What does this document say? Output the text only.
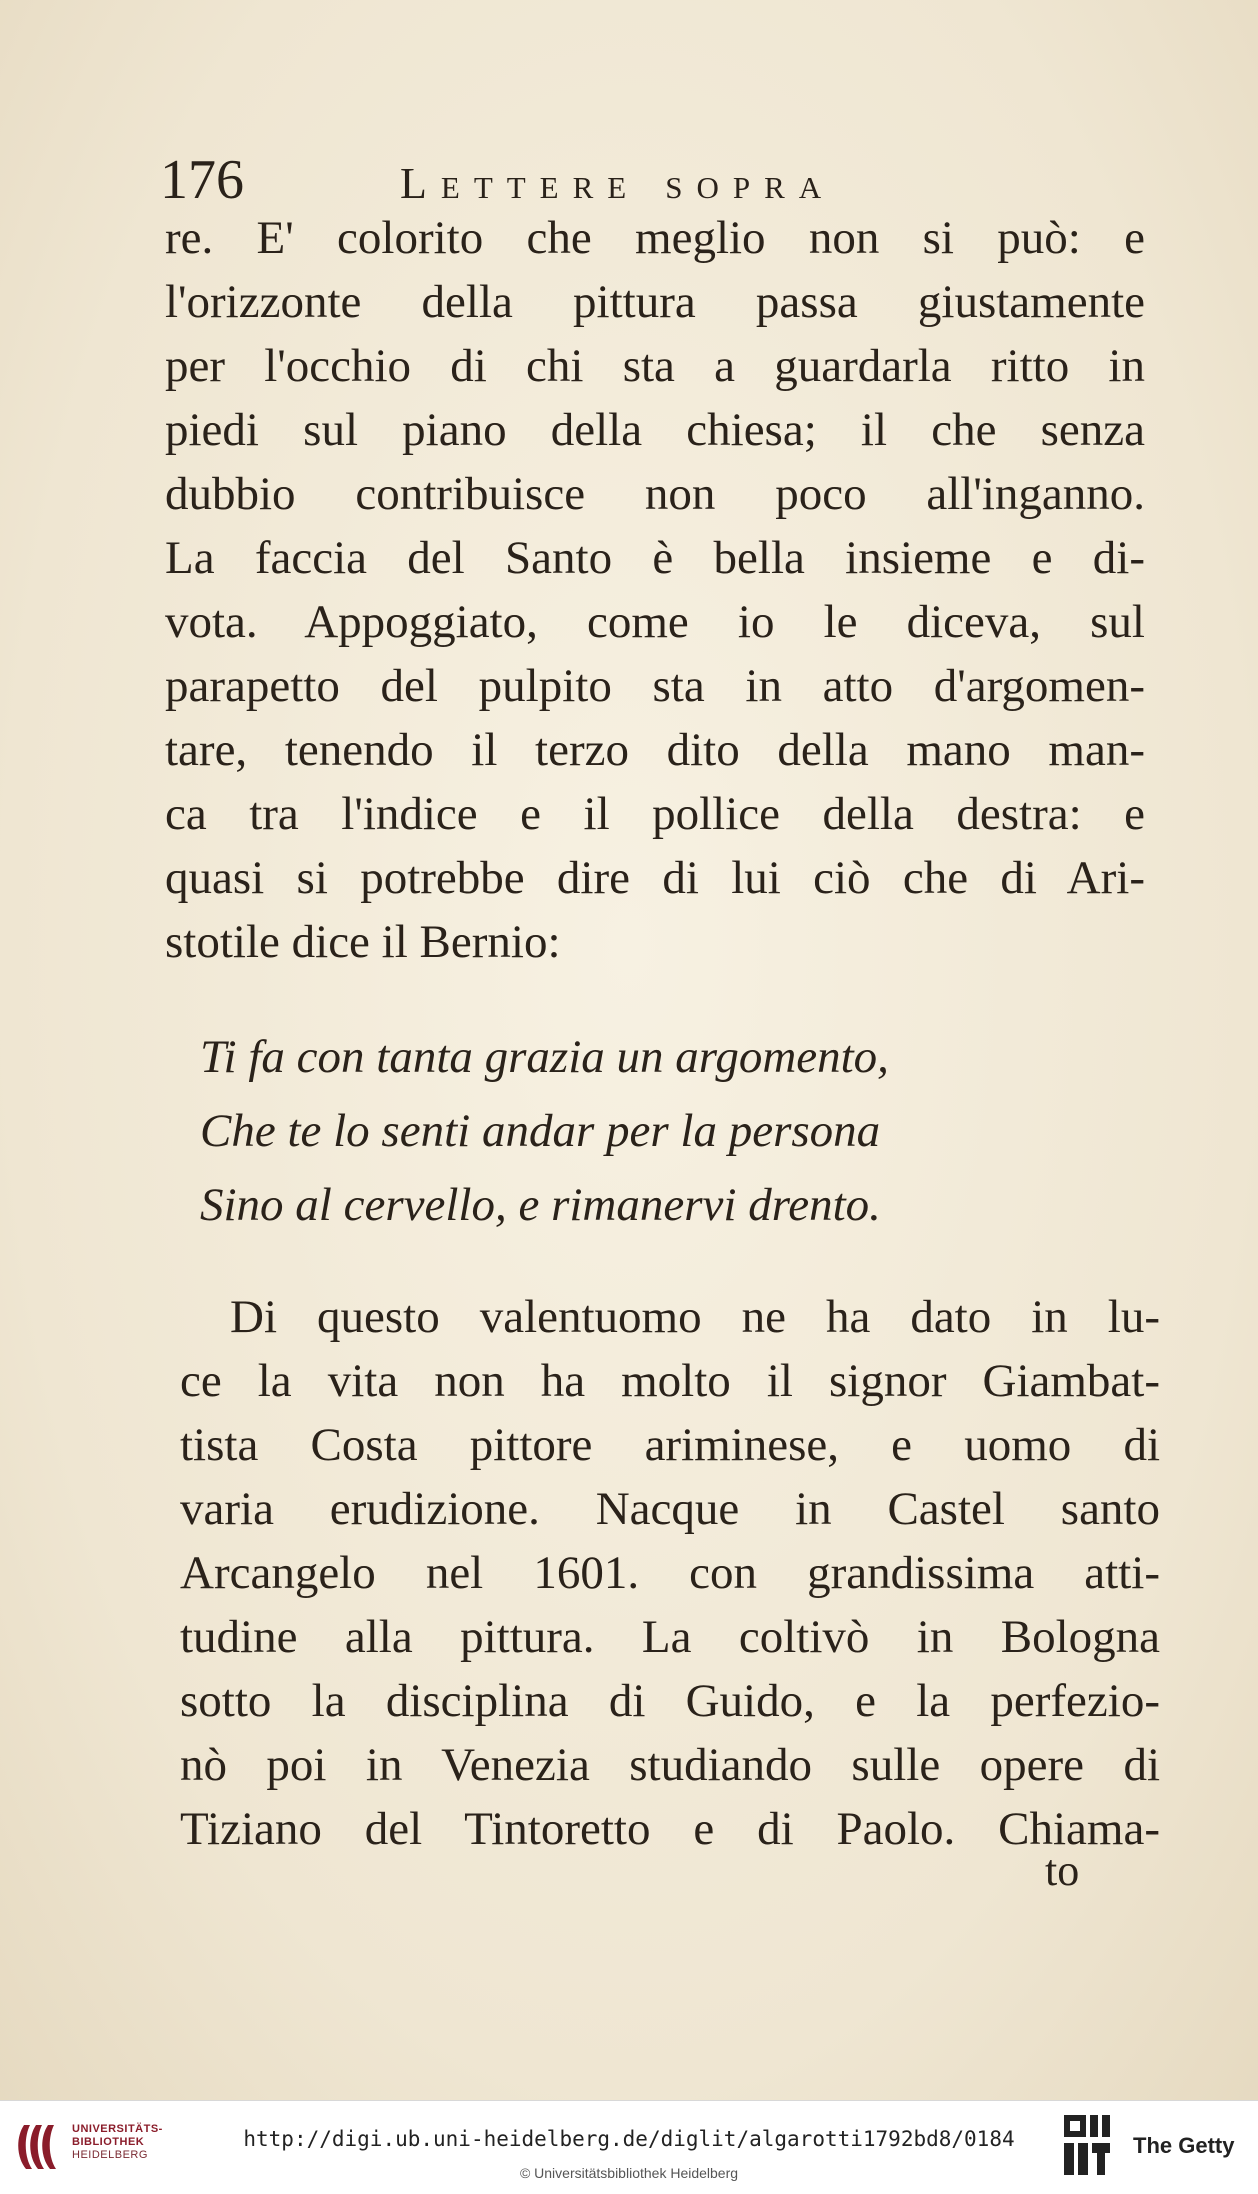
176	Lettere sopra
re. E' colorito che meglio non si può: e
l'orizzonte della pittura passa giustamente
per l'occhio di chi sta a guardarla ritto in
piedi sul piano della chiesa; il che senza
dubbio contribuisce non poco all'inganno.
La faccia del Santo è bella insieme e di-
vota. Appoggiato, come io le diceva, sul
parapetto del pulpito sta in atto d'argomen-
tare, tenendo il terzo dito della mano man-
ca tra l'indice e il pollice della destra: e
quasi si potrebbe dire di lui ciò che di Ari-
stotile dice il Bernio:
Ti fa con tanta grazia un argomento,
Che te lo senti andar per la persona
Sino al cervello, e rimanervi drento.
Di questo valentuomo ne ha dato in lu-
ce la vita non ha molto il signor Giambat-
tista Costa pittore ariminese, e uomo di
varia erudizione. Nacque in Castel santo
Arcangelo nel 1601. con grandissima atti-
tudine alla pittura. La coltivò in Bologna
sotto la disciplina di Guido, e la perfezio-
nò poi in Venezia studiando sulle opere di
Tiziano del Tintoretto e di Paolo. Chiama-
to
UNIVERSITÄTS-
BIBLIOTHEK
HEIDELBERG
http://digi.ub.uni-heidelberg.de/diglit/algarotti1792bd8/0184
© Universitätsbibliothek Heidelberg
The Getty
